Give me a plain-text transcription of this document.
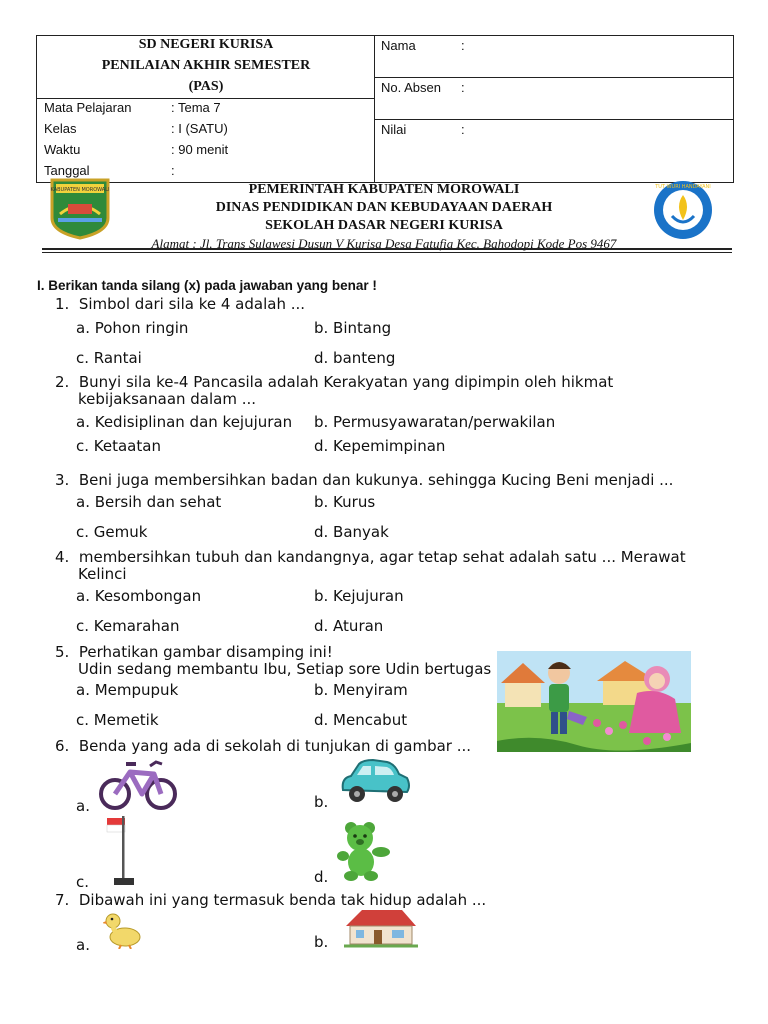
SD NEGERI KURISA
PENILAIAN AKHIR SEMESTER
(PAS)
Mata Pelajaran	: Tema 7
Kelas	: I (SATU)
Waktu	: 90 menit
Tanggal	:
Nama	:
No. Absen :
Nilai	:
KABUPATEN MOROWALI	TUT WURI HANDAYANI
PEMERINTAH KABUPATEN MOROWALI
DINAS PENDIDIKAN DAN KEBUDAYAAN DAERAH
SEKOLAH DASAR NEGERI KURISA
Alamat : Jl. Trans Sulawesi Dusun V Kurisa Desa Fatufia Kec. Bahodopi Kode Pos 9467
I. Berikan tanda silang (x) pada jawaban yang benar !
1. Simbol dari sila ke 4 adalah ...
a. Pohon ringin	b. Bintang
c. Rantai	d. banteng
2. Bunyi sila ke-4 Pancasila adalah Kerakyatan yang dipimpin oleh hikmat
kebijaksanaan dalam ...
a. Kedisiplinan dan kejujuran b. Permusyawaratan/perwakilan
c. Ketaatan	d. Kepemimpinan
3. Beni juga membersihkan badan dan kukunya. sehingga Kucing Beni menjadi ...
a. Bersih dan sehat	b. Kurus
c. Gemuk	d. Banyak
4. membersihkan tubuh dan kandangnya, agar tetap sehat adalah satu ... Merawat
Kelinci
a. Kesombongan	b. Kejujuran
c. Kemarahan	d. Aturan
5. Perhatikan gambar disamping ini!
Udin sedang membantu Ibu, Setiap sore Udin bertugas
a. Mempupuk	b. Menyiram
c. Memetik	d. Mencabut
6. Benda yang ada di sekolah di tunjukan di gambar ...
a.	b.
c.	d.
7. Dibawah ini yang termasuk benda tak hidup adalah ...
a.	b.
